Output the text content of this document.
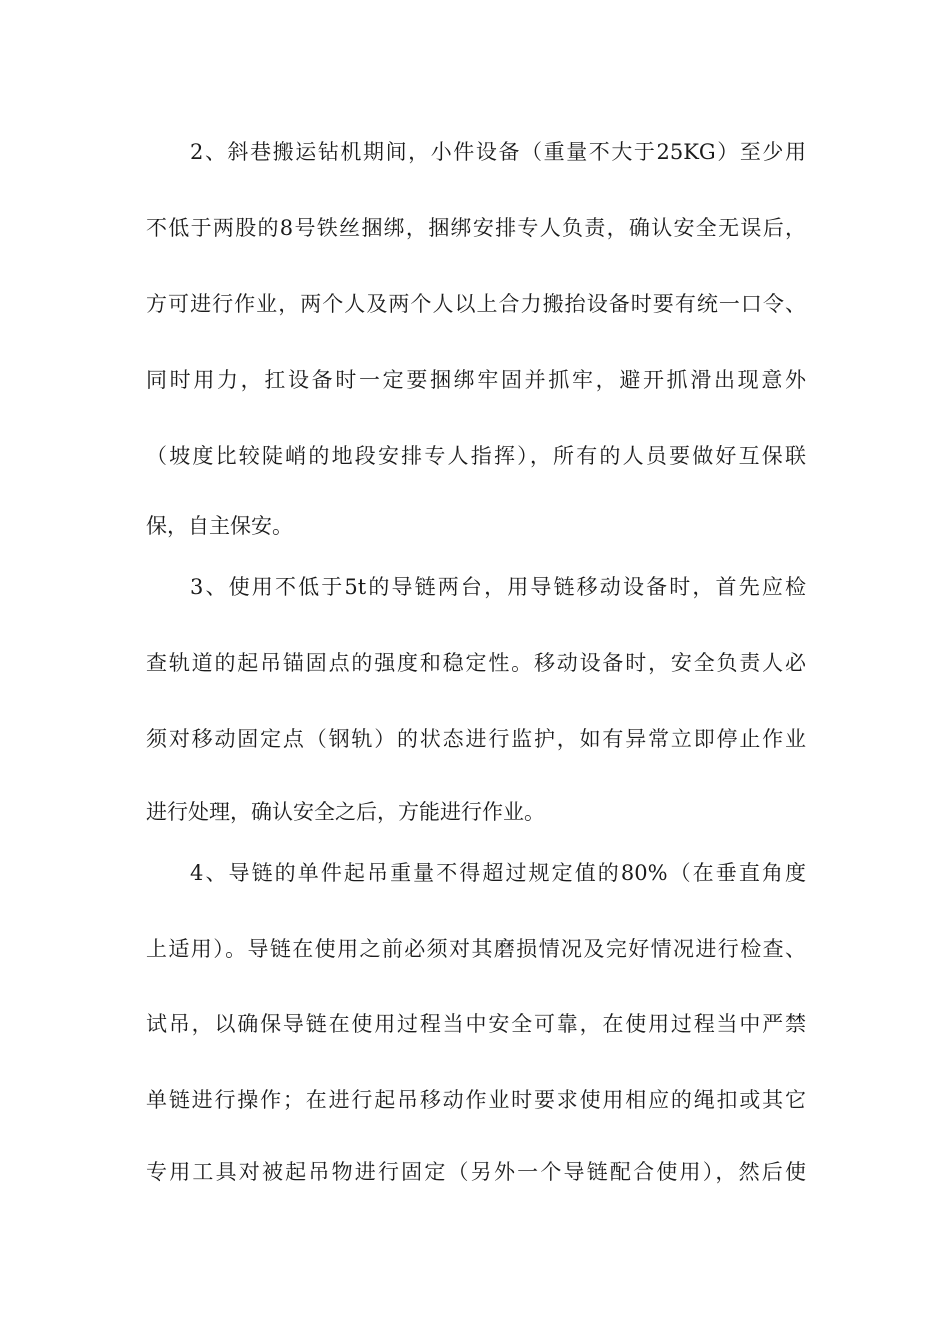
2、斜巷搬运钻机期间，小件设备（重量不大于25KG）至少用
不低于两股的8号铁丝捆绑，捆绑安排专人负责，确认安全无误后，
方可进行作业，两个人及两个人以上合力搬抬设备时要有统一口令、
同时用力，扛设备时一定要捆绑牢固并抓牢，避开抓滑出现意外
（坡度比较陡峭的地段安排专人指挥），所有的人员要做好互保联
保，自主保安。
3、使用不低于5t的导链两台，用导链移动设备时，首先应检
查轨道的起吊锚固点的强度和稳定性。移动设备时，安全负责人必
须对移动固定点（钢轨）的状态进行监护，如有异常立即停止作业
进行处理，确认安全之后，方能进行作业。
4、导链的单件起吊重量不得超过规定值的80%（在垂直角度
上适用）。导链在使用之前必须对其磨损情况及完好情况进行检查、
试吊，以确保导链在使用过程当中安全可靠，在使用过程当中严禁
单链进行操作；在进行起吊移动作业时要求使用相应的绳扣或其它
专用工具对被起吊物进行固定（另外一个导链配合使用），然后使
